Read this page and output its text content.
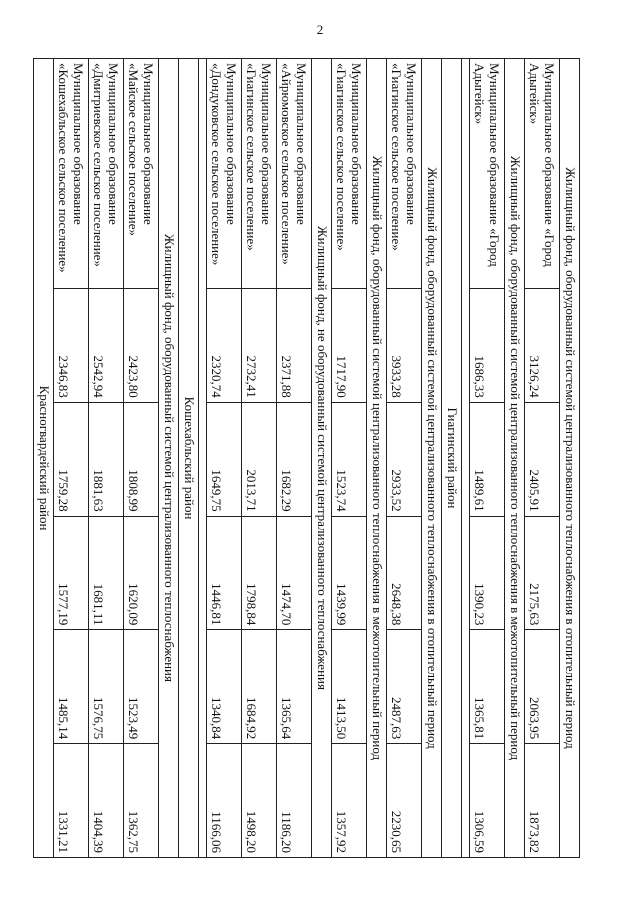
2
Жилищный фонд, оборудованный системой централизованного теплоснабжения в отопительный период					

Муниципальное образование «Город
Адыгейск»	3126,24	2405,91	2175,63	2063,95	1873,82
Жилищный фонд, оборудованный системой централизованного теплоснабжения в межотопительный период					

Муниципальное образование «Город
Адыгейск»	1686,33	1489,61	1390,23	1365,81	1306,59

Гиагинский район					
Жилищный фонд, оборудованный системой централизованного теплоснабжения в отопительный период					

Муниципальное образование
«Гиагинское сельское поселение»	3933,28	2933,52	2648,38	2487,63	2230,65
Жилищный фонд, оборудованный системой централизованного теплоснабжения в межотопительный период					

Муниципальное образование
«Гиагинское сельское поселение»	1717,90	1523,74	1439,99	1413,50	1357,92
Жилищный фонд, не оборудованный системой централизованного теплоснабжения					

Муниципальное образование
«Айрюмовское сельское поселение»	2371,88	1682,29	1474,70	1365,64	1186,20

Муниципальное образование
«Гиагинское сельское поселение»	2732,41	2013,71	1798,84	1684,92	1498,20

Муниципальное образование
«Дондуковское сельское поселение»	2320,74	1649,75	1446,81	1340,84	1166,06

Кошехабльский район					
Жилищный фонд, оборудованный системой централизованного теплоснабжения					

Муниципальное образование
«Майское сельское поселение»	2423,80	1808,99	1620,09	1523,49	1362,75

Муниципальное образование
«Дмитриевское сельское поселение»	2542,94	1881,63	1681,11	1576,75	1404,39

Муниципальное образование
«Кошехабльское сельское поселение»	2346,83	1759,28	1577,19	1485,14	1331,21
Красногвардейский район					
